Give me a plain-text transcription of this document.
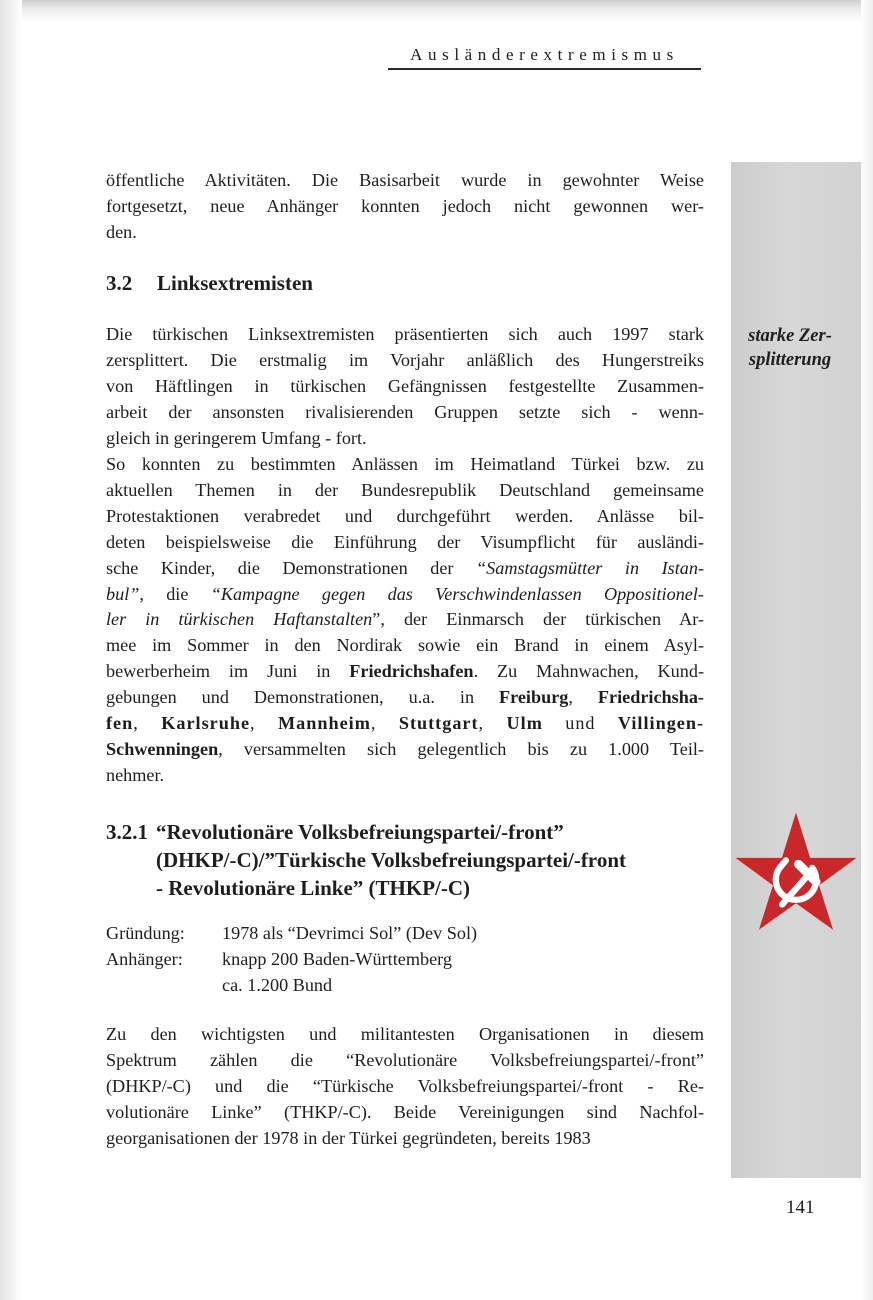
Ausländerextremismus
öffentliche Aktivitäten. Die Basisarbeit wurde in gewohnter Weise
fortgesetzt, neue Anhänger konnten jedoch nicht gewonnen wer-
den.
3.2 Linksextremisten
Die türkischen Linksextremisten präsentierten sich auch 1997 stark
zersplittert. Die erstmalig im Vorjahr anläßlich des Hungerstreiks
von Häftlingen in türkischen Gefängnissen festgestellte Zusammen-
arbeit der ansonsten rivalisierenden Gruppen setzte sich - wenn-
gleich in geringerem Umfang - fort.
starke Zer-
splitterung
So konnten zu bestimmten Anlässen im Heimatland Türkei bzw. zu
aktuellen Themen in der Bundesrepublik Deutschland gemeinsame
Protestaktionen verabredet und durchgeführt werden. Anlässe bil-
deten beispielsweise die Einführung der Visumpflicht für ausländi-
sche Kinder, die Demonstrationen der “Samstagsmütter in Istan-
bul”, die “Kampagne gegen das Verschwindenlassen Oppositionel-
ler in türkischen Haftanstalten”, der Einmarsch der türkischen Ar-
mee im Sommer in den Nordirak sowie ein Brand in einem Asyl-
bewerberheim im Juni in Friedrichshafen. Zu Mahnwachen, Kund-
gebungen und Demonstrationen, u.a. in Freiburg, Friedrichsha-
fen, Karlsruhe, Mannheim, Stuttgart, Ulm und Villingen-
Schwenningen, versammelten sich gelegentlich bis zu 1.000 Teil-
nehmer.
3.2.1 “Revolutionäre Volksbefreiungspartei/-front”
(DHKP/-C)/”Türkische Volksbefreiungspartei/-front
- Revolutionäre Linke” (THKP/-C)
Gründung: 1978 als “Devrimci Sol” (Dev Sol)
Anhänger: knapp 200 Baden-Württemberg
ca. 1.200 Bund
Zu den wichtigsten und militantesten Organisationen in diesem
Spektrum zählen die “Revolutionäre Volksbefreiungspartei/-front”
(DHKP/-C) und die “Türkische Volksbefreiungspartei/-front - Re-
volutionäre Linke” (THKP/-C). Beide Vereinigungen sind Nachfol-
georganisationen der 1978 in der Türkei gegründeten, bereits 1983
141
